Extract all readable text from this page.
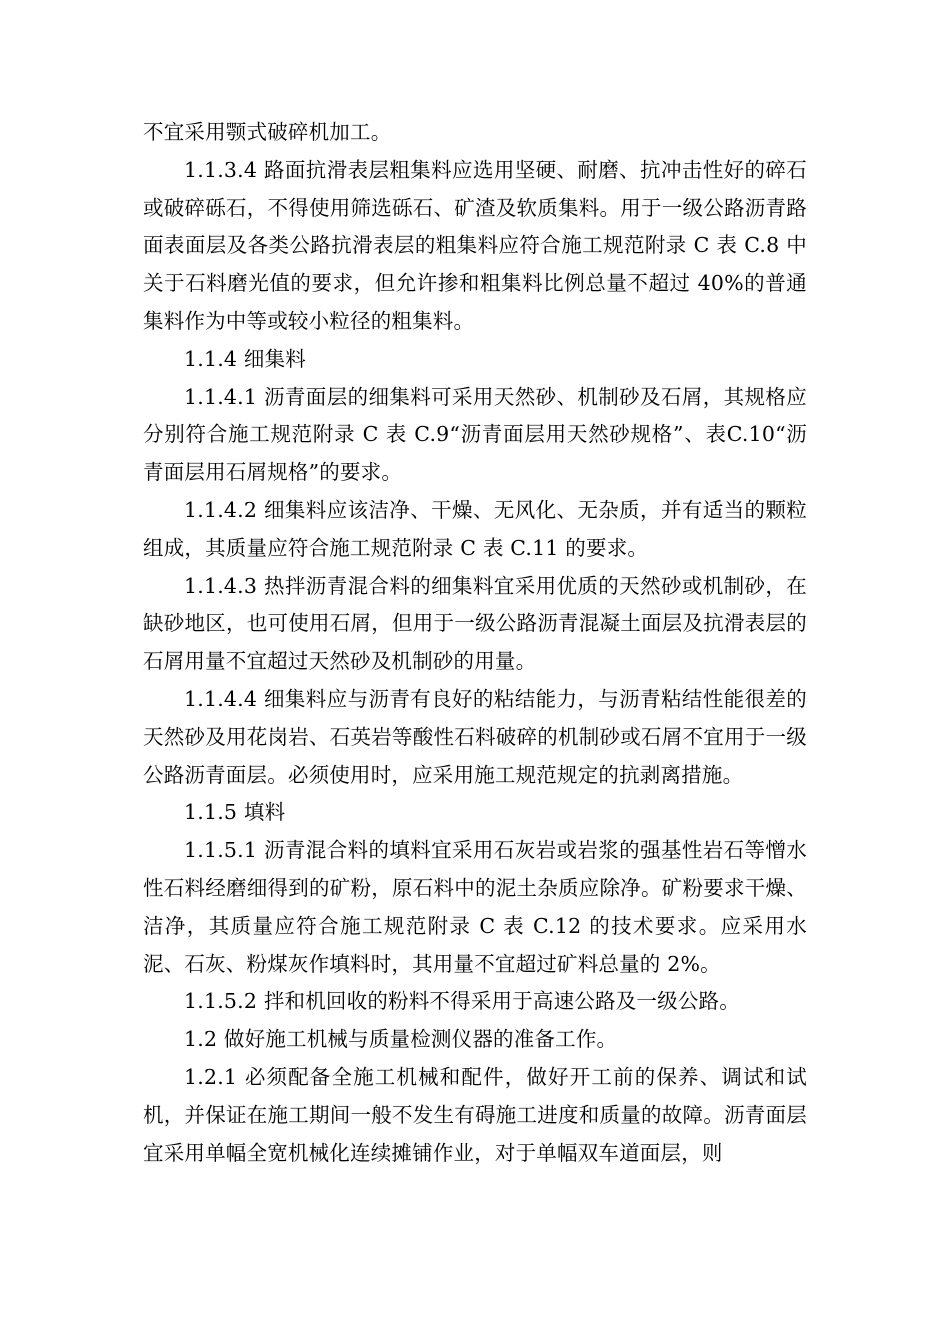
不宜采用颚式破碎机加工。

1.1.3.4 路面抗滑表层粗集料应选用坚硬、耐磨、抗冲击性好的碎石或破碎砾石，不得使用筛选砾石、矿渣及软质集料。用于一级公路沥青路面表面层及各类公路抗滑表层的粗集料应符合施工规范附录 C 表 C.8 中关于石料磨光值的要求，但允许掺和粗集料比例总量不超过 40%的普通集料作为中等或较小粒径的粗集料。

1.1.4 细集料

1.1.4.1 沥青面层的细集料可采用天然砂、机制砂及石屑，其规格应分别符合施工规范附录 C 表 C.9“沥青面层用天然砂规格”、表C.10“沥青面层用石屑规格”的要求。

1.1.4.2 细集料应该洁净、干燥、无风化、无杂质，并有适当的颗粒组成，其质量应符合施工规范附录 C 表 C.11 的要求。

1.1.4.3 热拌沥青混合料的细集料宜采用优质的天然砂或机制砂，在缺砂地区，也可使用石屑，但用于一级公路沥青混凝土面层及抗滑表层的石屑用量不宜超过天然砂及机制砂的用量。

1.1.4.4 细集料应与沥青有良好的粘结能力，与沥青粘结性能很差的天然砂及用花岗岩、石英岩等酸性石料破碎的机制砂或石屑不宜用于一级公路沥青面层。必须使用时，应采用施工规范规定的抗剥离措施。

1.1.5 填料

1.1.5.1 沥青混合料的填料宜采用石灰岩或岩浆的强基性岩石等憎水性石料经磨细得到的矿粉，原石料中的泥土杂质应除净。矿粉要求干燥、洁净，其质量应符合施工规范附录 C 表 C.12 的技术要求。应采用水泥、石灰、粉煤灰作填料时，其用量不宜超过矿料总量的 2%。

1.1.5.2 拌和机回收的粉料不得采用于高速公路及一级公路。

1.2 做好施工机械与质量检测仪器的准备工作。

1.2.1 必须配备全施工机械和配件，做好开工前的保养、调试和试机，并保证在施工期间一般不发生有碍施工进度和质量的故障。沥青面层宜采用单幅全宽机械化连续摊铺作业，对于单幅双车道面层，则
